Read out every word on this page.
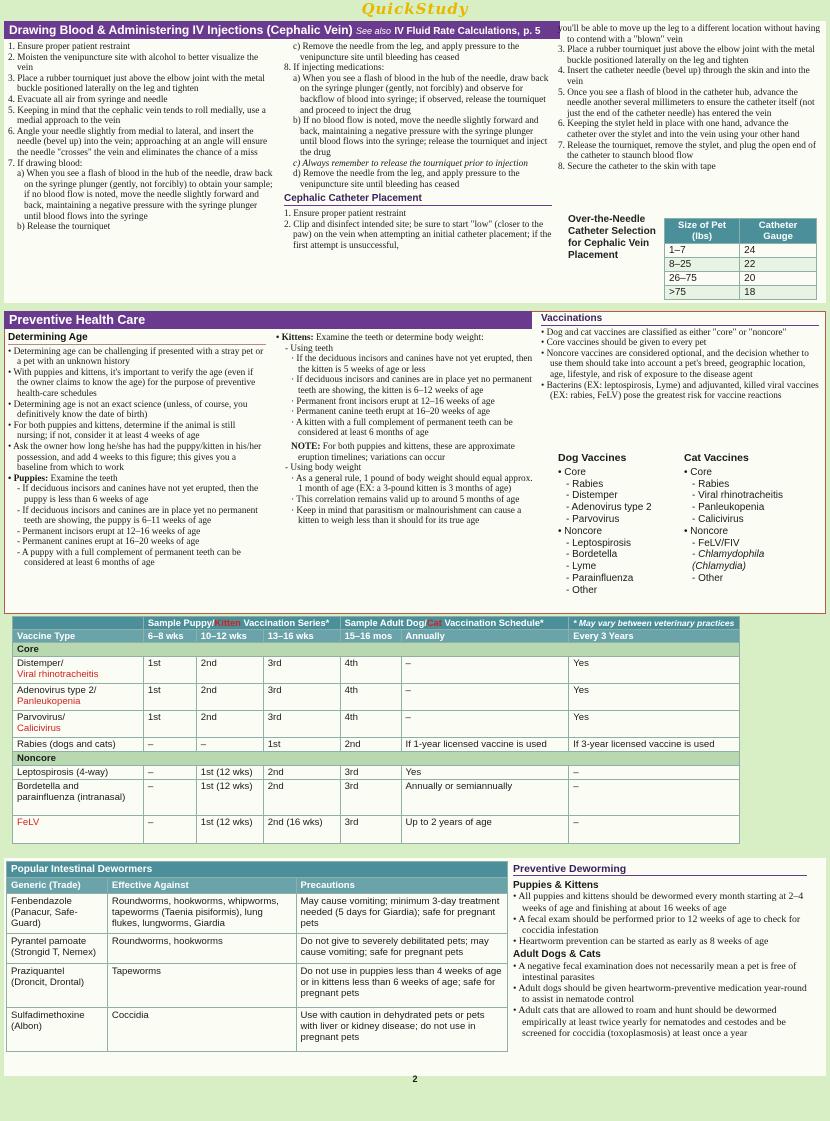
QuickStudy
Drawing Blood & Administering IV Injections (Cephalic Vein) See also IV Fluid Rate Calculations, p. 5
1. Ensure proper patient restraint
2. Moisten the venipuncture site with alcohol to better visualize the vein
3. Place a rubber tourniquet just above the elbow joint with the metal buckle positioned laterally on the leg and tighten
4. Evacuate all air from syringe and needle
5. Keeping in mind that the cephalic vein tends to roll medially, use a medial approach to the vein
6. Angle your needle slightly from medial to lateral, and insert the needle (bevel up) into the vein; approaching at an angle will ensure the needle "crosses" the vein and eliminates the chance of a miss
7. If drawing blood:
a) When you see a flash of blood in the hub of the needle, draw back on the syringe plunger (gently, not forcibly) to obtain your sample; if no blood flow is noted, move the needle slightly forward and back, maintaining a negative pressure with the syringe plunger until blood flows into the syringe
b) Release the tourniquet
c) Remove the needle from the leg, and apply pressure to the venipuncture site until bleeding has ceased
8. If injecting medications:
a) When you see a flash of blood in the hub of the needle, draw back on the syringe plunger (gently, not forcibly) and observe for backflow of blood into syringe; if observed, release the tourniquet and proceed to inject the drug
b) If no blood flow is noted, move the needle slightly forward and back, maintaining a negative pressure with the syringe plunger until blood flows into the syringe; release the tourniquet and inject the drug
c) Always remember to release the tourniquet prior to injection
d) Remove the needle from the leg, and apply pressure to the venipuncture site until bleeding has ceased
Cephalic Catheter Placement
1. Ensure proper patient restraint
2. Clip and disinfect intended site; be sure to start "low" (closer to the paw) on the vein when attempting an initial catheter placement; if the first attempt is unsuccessful,
you'll be able to move up the leg to a different location without having to contend with a "blown" vein
3. Place a rubber tourniquet just above the elbow joint with the metal buckle positioned laterally on the leg and tighten
4. Insert the catheter needle (bevel up) through the skin and into the vein
5. Once you see a flash of blood in the catheter hub, advance the needle another several millimeters to ensure the catheter itself (not just the end of the catheter needle) has entered the vein
6. Keeping the stylet held in place with one hand, advance the catheter over the stylet and into the vein using your other hand
7. Release the tourniquet, remove the stylet, and plug the open end of the catheter to staunch blood flow
8. Secure the catheter to the skin with tape
Over-the-Needle Catheter Selection for Cephalic Vein Placement
Size of Pet (lbs)	Catheter Gauge
1–7	24
8–25	22
26–75	20
>75	18
Preventive Health Care
Determining Age
• Determining age can be challenging if presented with a stray pet or a pet with an unknown history
• With puppies and kittens, it's important to verify the age (even if the owner claims to know the age) for the purpose of preventive health-care schedules
• Determining age is not an exact science (unless, of course, you definitively know the date of birth)
• For both puppies and kittens, determine if the animal is still nursing; if not, consider it at least 4 weeks of age
• Ask the owner how long he/she has had the puppy/kitten in his/her possession, and add 4 weeks to this figure; this gives you a baseline from which to work
• Puppies: Examine the teeth
- If deciduous incisors and canines have not yet erupted, then the puppy is less than 6 weeks of age
- If deciduous incisors and canines are in place yet no permanent teeth are showing, the puppy is 6–11 weeks of age
- Permanent incisors erupt at 12–16 weeks of age
- Permanent canines erupt at 16–20 weeks of age
- A puppy with a full complement of permanent teeth can be considered at least 6 months of age
• Kittens: Examine the teeth or determine body weight:
- Using teeth
· If the deciduous incisors and canines have not yet erupted, then the kitten is 5 weeks of age or less
· If deciduous incisors and canines are in place yet no permanent teeth are showing, the kitten is 6–12 weeks of age
· Permanent front incisors erupt at 12–16 weeks of age
· Permanent canine teeth erupt at 16–20 weeks of age
· A kitten with a full complement of permanent teeth can be considered at least 6 months of age
NOTE: For both puppies and kittens, these are approximate eruption timelines; variations can occur
- Using body weight
· As a general rule, 1 pound of body weight should equal approx. 1 month of age (EX: a 3-pound kitten is 3 months of age)
· This correlation remains valid up to around 5 months of age
· Keep in mind that parasitism or malnourishment can cause a kitten to weigh less than it should for its true age
Vaccinations
• Dog and cat vaccines are classified as either "core" or "noncore"
• Core vaccines should be given to every pet
• Noncore vaccines are considered optional, and the decision whether to use them should take into account a pet's breed, geographic location, age, lifestyle, and risk of exposure to the disease agent
• Bacterins (EX: leptospirosis, Lyme) and adjuvanted, killed viral vaccines (EX: rabies, FeLV) pose the greatest risk for vaccine reactions
Dog Vaccines
• Core
- Rabies
- Distemper
- Adenovirus type 2
- Parvovirus
• Noncore
- Leptospirosis
- Bordetella
- Lyme
- Parainfluenza
- Other
Cat Vaccines
• Core
- Rabies
- Viral rhinotracheitis
- Panleukopenia
- Calicivirus
• Noncore
- FeLV/FIV
- Chlamydophila (Chlamydia)
- Other
	Sample Puppy/Kitten Vaccination Series*			Sample Adult Dog/Cat Vaccination Schedule*		* May vary between veterinary practices
Vaccine Type	6–8 wks	10–12 wks	13–16 wks	15–16 mos	Annually	Every 3 Years
Core						
Distemper/
Viral rhinotracheitis	1st	2nd	3rd	4th	–	Yes
Adenovirus type 2/
Panleukopenia	1st	2nd	3rd	4th	–	Yes
Parvovirus/
Calicivirus	1st	2nd	3rd	4th	–	Yes
Rabies (dogs and cats)	–	–	1st	2nd	If 1-year licensed vaccine is used	If 3-year licensed vaccine is used
Noncore						
Leptospirosis (4-way)	–	1st (12 wks)	2nd	3rd	Yes	–
Bordetella and parainfluenza (intranasal)	–	1st (12 wks)	2nd	3rd	Annually or semiannually	–
FeLV	–	1st (12 wks)	2nd (16 wks)	3rd	Up to 2 years of age	–
Popular Intestinal Dewormers		
Generic (Trade)	Effective Against	Precautions
Fenbendazole (Panacur, Safe-Guard)	Roundworms, hookworms, whipworms, tapeworms (Taenia pisiformis), lung flukes, lungworms, Giardia	May cause vomiting; minimum 3-day treatment needed (5 days for Giardia); safe for pregnant pets
Pyrantel pamoate (Strongid T, Nemex)	Roundworms, hookworms	Do not give to severely debilitated pets; may cause vomiting; safe for pregnant pets
Praziquantel (Droncit, Drontal)	Tapeworms	Do not use in puppies less than 4 weeks of age or in kittens less than 6 weeks of age; safe for pregnant pets
Sulfadimethoxine (Albon)	Coccidia	Use with caution in dehydrated pets or pets with liver or kidney disease; do not use in pregnant pets
Preventive Deworming
Puppies & Kittens
• All puppies and kittens should be dewormed every month starting at 2–4 weeks of age and finishing at about 16 weeks of age
• A fecal exam should be performed prior to 12 weeks of age to check for coccidia infestation
• Heartworm prevention can be started as early as 8 weeks of age
Adult Dogs & Cats
• A negative fecal examination does not necessarily mean a pet is free of intestinal parasites
• Adult dogs should be given heartworm-preventive medication year-round to assist in nematode control
• Adult cats that are allowed to roam and hunt should be dewormed empirically at least twice yearly for nematodes and cestodes and be screened for coccidia (toxoplasmosis) at least once a year
2
